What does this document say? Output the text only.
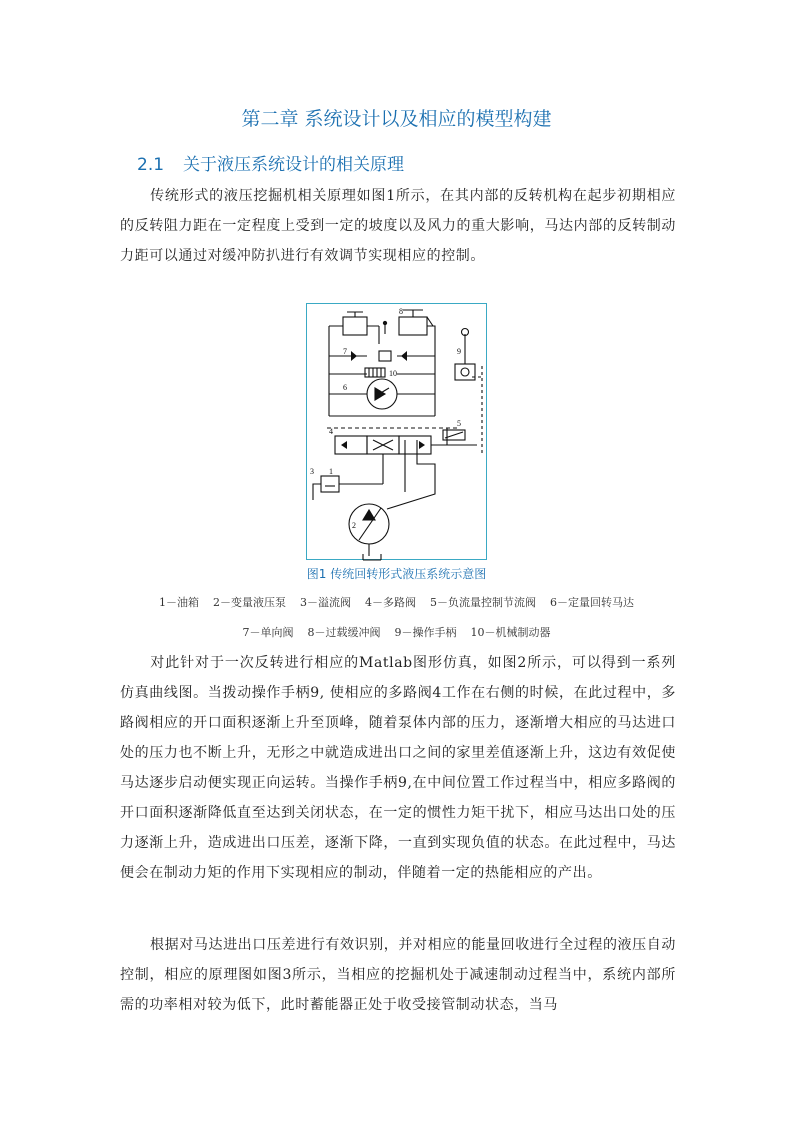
第二章 系统设计以及相应的模型构建
2.1 关于液压系统设计的相关原理

传统形式的液压挖掘机相关原理如图1所示，在其内部的反转机构在起步初期相应的反转阻力距在一定程度上受到一定的坡度以及风力的重大影响，马达内部的反转制动力距可以通过对缓冲防扒进行有效调节实现相应的控制。

1
2
3
4
5
6
7
8
9
10
图1 传统回转形式液压系统示意图
1－油箱 2－变量液压泵 3－溢流阀 4－多路阀 5－负流量控制节流阀 6－定量回转马达
7－单向阀 8－过载缓冲阀 9－操作手柄 10－机械制动器

对此针对于一次反转进行相应的Matlab图形仿真，如图2所示，可以得到一系列仿真曲线图。当拨动操作手柄9, 使相应的多路阀4工作在右侧的时候，在此过程中，多路阀相应的开口面积逐渐上升至顶峰，随着泵体内部的压力，逐渐增大相应的马达进口处的压力也不断上升，无形之中就造成进出口之间的家里差值逐渐上升，这边有效促使马达逐步启动便实现正向运转。当操作手柄9,在中间位置工作过程当中，相应多路阀的开口面积逐渐降低直至达到关闭状态，在一定的惯性力矩干扰下，相应马达出口处的压力逐渐上升，造成进出口压差，逐渐下降，一直到实现负值的状态。在此过程中，马达便会在制动力矩的作用下实现相应的制动，伴随着一定的热能相应的产出。

根据对马达进出口压差进行有效识别，并对相应的能量回收进行全过程的液压自动控制，相应的原理图如图3所示，当相应的挖掘机处于减速制动过程当中，系统内部所需的功率相对较为低下，此时蓄能器正处于收受接管制动状态，当马
